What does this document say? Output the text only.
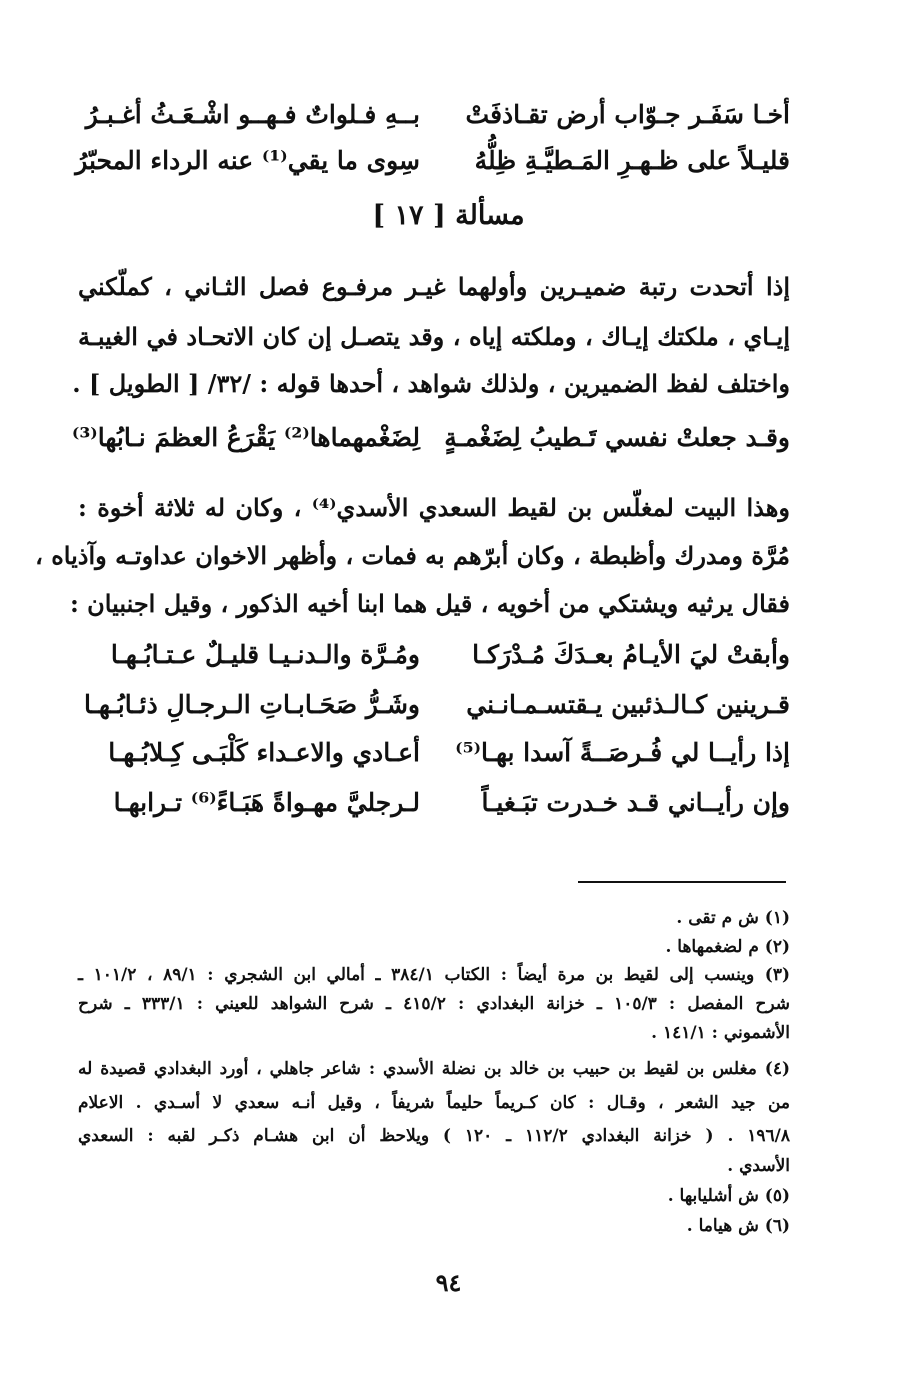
أخـا سَفَـر جـوّاب أرض تقـاذفَتْ
بــهِ فـلواتٌ فـهــو اشْـعَـثُ أغـبـرُ
قليـلاً على ظـهـرِ المَـطيَّـةِ ظِلُّهُ
سِوى ما يقي⁽¹⁾ عنه الرداء المحبّرُ
مسألة [ ١٧ ]
إذا أتحدت رتبة ضميـرين وأولهما غيـر مرفـوع فصل الثـاني ، كملّكني
إيـاي ، ملكتك إيـاك ، وملكته إياه ، وقد يتصـل إن كان الاتحـاد في الغيبـة
واختلف لفظ الضميرين ، ولذلك شواهد ، أحدها قوله : /٣٢/ [ الطويل ] .
وقـد جعلتْ نفسي تَـطيبُ لِضَغْمـةٍ
لِضَغْمهماها⁽²⁾ يَقْرَعُ العظمَ نـابُها⁽³⁾
وهذا البيت لمغلّس بن لقيط السعدي الأسدي⁽⁴⁾ ، وكان له ثلاثة أخوة :
مُرَّة ومدرك وأظبطة ، وكان أبرّهم به فمات ، وأظهر الاخوان عداوتـه وآذياه ،
فقال يرثيه ويشتكي من أخويه ، قيل هما ابنا أخيه الذكور ، وقيل اجنبيان :
وأبقتْ ليَ الأيـامُ بعـدَكَ مُـدْرَكـا
ومُـرَّة والـدنـيـا قليـلٌ عـتـابُـهـا
قـرينين كـالـذئبين يـقتسـمـانـني
وشَـرُّ صَحَـابـاتِ الـرجـالِ ذئـابُـهـا
إذا رأيــا لي فُـرصَــةً آسدا بهـا⁽⁵⁾
أعـادي والاعـداء كَلْبَـى كِـلابُـهـا
وإن رأيــاني قـد خـدرت تبَـغيـاً
لـرجليَّ مهـواةً هَبَـاءً⁽⁶⁾ تـرابهـا
(١) ش م تقى .
(٢) م لضغمهاها .
(٣) وينسب إلى لقيط بن مرة أيضاً : الكتاب ٣٨٤/١ ـ أمالي ابن الشجري : ٨٩/١ ، ١٠١/٢ ـ
شرح المفصل : ١٠٥/٣ ـ خزانة البغدادي : ٤١٥/٢ ـ شرح الشواهد للعيني : ٣٣٣/١ ـ شرح
الأشموني : ١٤١/١ .
(٤) مغلس بن لقيط بن حبيب بن خالد بن نضلة الأسدي : شاعر جاهلي ، أورد البغدادي قصيدة له
من جيد الشعر ، وقـال : كان كـريماً حليماً شريفاً ، وقيل أنـه سعدي لا أسـدي . الاعلام
١٩٦/٨ . ( خزانة البغدادي ١١٢/٢ ـ ١٢٠ ) ويلاحظ أن ابن هشـام ذكـر لقبه : السعدي
الأسدي .
(٥) ش أشليابها .
(٦) ش هياما .
٩٤
